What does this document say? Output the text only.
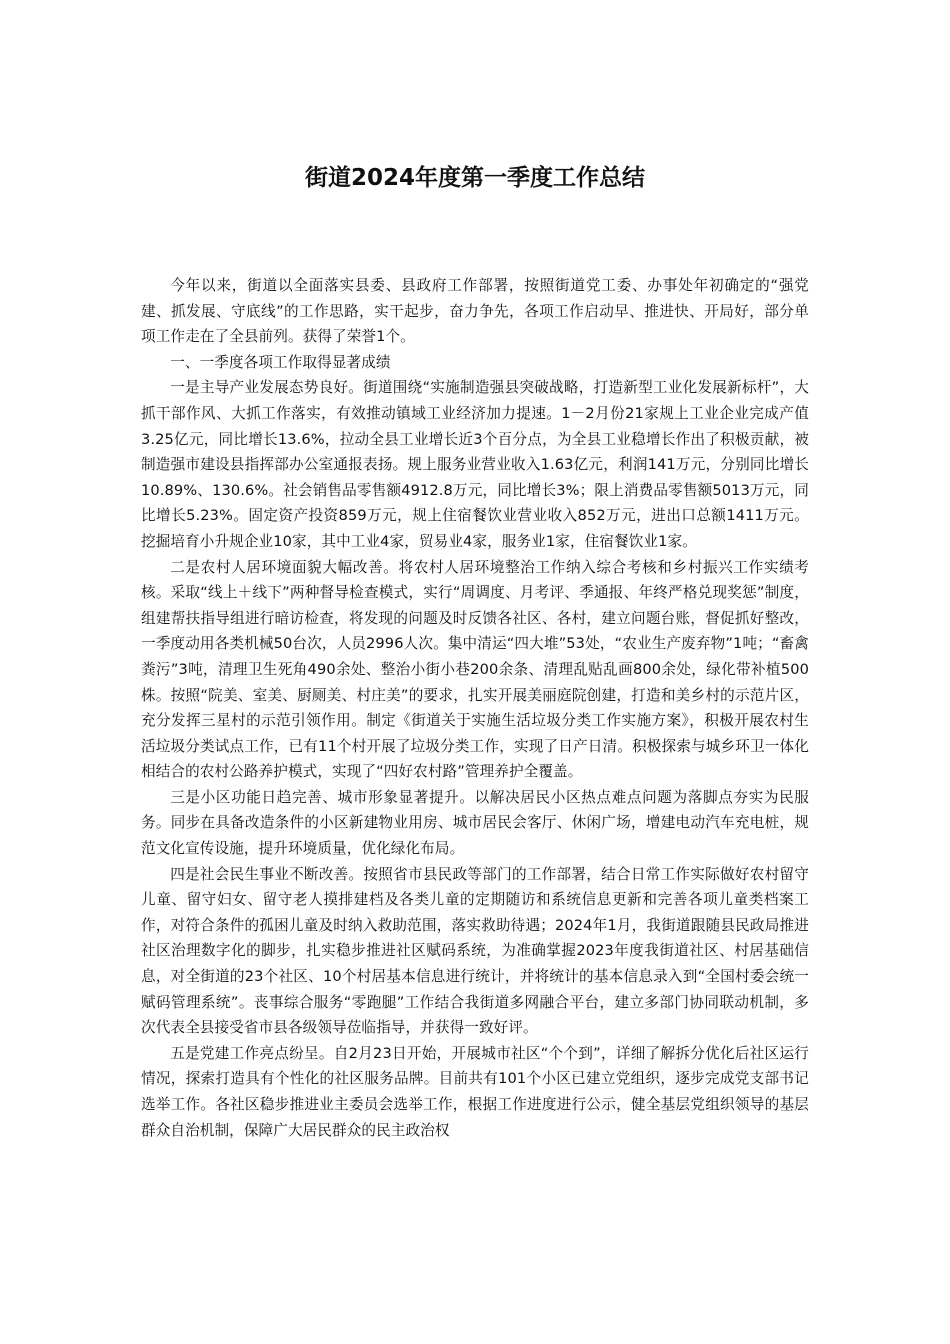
街道2024年度第一季度工作总结

今年以来，街道以全面落实县委、县政府工作部署，按照街道党工委、办事处年初确定的“强党建、抓发展、守底线”的工作思路，实干起步，奋力争先，各项工作启动早、推进快、开局好，部分单项工作走在了全县前列。获得了荣誉1个。

一、一季度各项工作取得显著成绩

一是主导产业发展态势良好。街道围绕“实施制造强县突破战略，打造新型工业化发展新标杆”，大抓干部作风、大抓工作落实，有效推动镇域工业经济加力提速。1－2月份21家规上工业企业完成产值3.25亿元，同比增长13.6%，拉动全县工业增长近3个百分点，为全县工业稳增长作出了积极贡献，被制造强市建设县指挥部办公室通报表扬。规上服务业营业收入1.63亿元，利润141万元，分别同比增长10.89%、130.6%。社会销售品零售额4912.8万元，同比增长3%；限上消费品零售额5013万元，同比增长5.23%。固定资产投资859万元，规上住宿餐饮业营业收入852万元，进出口总额1411万元。挖掘培育小升规企业10家，其中工业4家，贸易业4家，服务业1家，住宿餐饮业1家。

二是农村人居环境面貌大幅改善。将农村人居环境整治工作纳入综合考核和乡村振兴工作实绩考核。采取“线上＋线下”两种督导检查模式，实行“周调度、月考评、季通报、年终严格兑现奖惩”制度，组建帮扶指导组进行暗访检查，将发现的问题及时反馈各社区、各村，建立问题台账，督促抓好整改，一季度动用各类机械50台次，人员2996人次。集中清运“四大堆”53处，“农业生产废弃物”1吨；“畜禽粪污”3吨，清理卫生死角490余处、整治小街小巷200余条、清理乱贴乱画800余处，绿化带补植500株。按照“院美、室美、厨厕美、村庄美”的要求，扎实开展美丽庭院创建，打造和美乡村的示范片区，充分发挥三星村的示范引领作用。制定《街道关于实施生活垃圾分类工作实施方案》，积极开展农村生活垃圾分类试点工作，已有11个村开展了垃圾分类工作，实现了日产日清。积极探索与城乡环卫一体化相结合的农村公路养护模式，实现了“四好农村路”管理养护全覆盖。

三是小区功能日趋完善、城市形象显著提升。以解决居民小区热点难点问题为落脚点夯实为民服务。同步在具备改造条件的小区新建物业用房、城市居民会客厅、休闲广场，增建电动汽车充电桩，规范文化宣传设施，提升环境质量，优化绿化布局。

四是社会民生事业不断改善。按照省市县民政等部门的工作部署，结合日常工作实际做好农村留守儿童、留守妇女、留守老人摸排建档及各类儿童的定期随访和系统信息更新和完善各项儿童类档案工作，对符合条件的孤困儿童及时纳入救助范围，落实救助待遇；2024年1月，我街道跟随县民政局推进社区治理数字化的脚步，扎实稳步推进社区赋码系统，为准确掌握2023年度我街道社区、村居基础信息，对全街道的23个社区、10个村居基本信息进行统计，并将统计的基本信息录入到“全国村委会统一赋码管理系统”。丧事综合服务“零跑腿”工作结合我街道多网融合平台，建立多部门协同联动机制，多次代表全县接受省市县各级领导莅临指导，并获得一致好评。

五是党建工作亮点纷呈。自2月23日开始，开展城市社区“个个到”，详细了解拆分优化后社区运行情况，探索打造具有个性化的社区服务品牌。目前共有101个小区已建立党组织，逐步完成党支部书记选举工作。各社区稳步推进业主委员会选举工作，根据工作进度进行公示，健全基层党组织领导的基层群众自治机制，保障广大居民群众的民主政治权
